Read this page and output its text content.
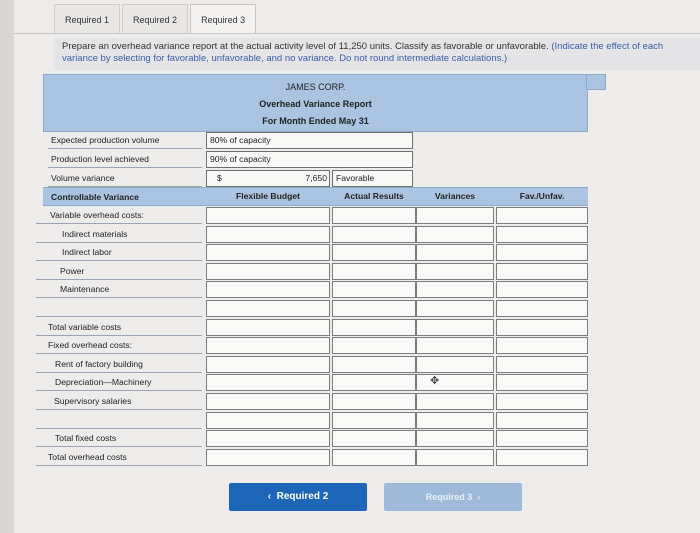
Required 1	Required 2	Required 3
Prepare an overhead variance report at the actual activity level of 11,250 units. Classify as favorable or unfavorable. (Indicate the effect of each variance by selecting for favorable, unfavorable, and no variance. Do not round intermediate calculations.)
JAMES CORP.
Overhead Variance Report
For Month Ended May 31
Expected production volume	80% of capacity
Production level achieved	90% of capacity
Volume variance	$	7,650	Favorable
Controllable Variance	Flexible Budget	Actual Results	Variances	Fav./Unfav.
Variable overhead costs:
Indirect materials
Indirect labor
Power
Maintenance
Total variable costs
Fixed overhead costs:
Rent of factory building
Depreciation—Machinery
Supervisory salaries
Total fixed costs
Total overhead costs
‹  Required 2	Required 3  ›
✥
